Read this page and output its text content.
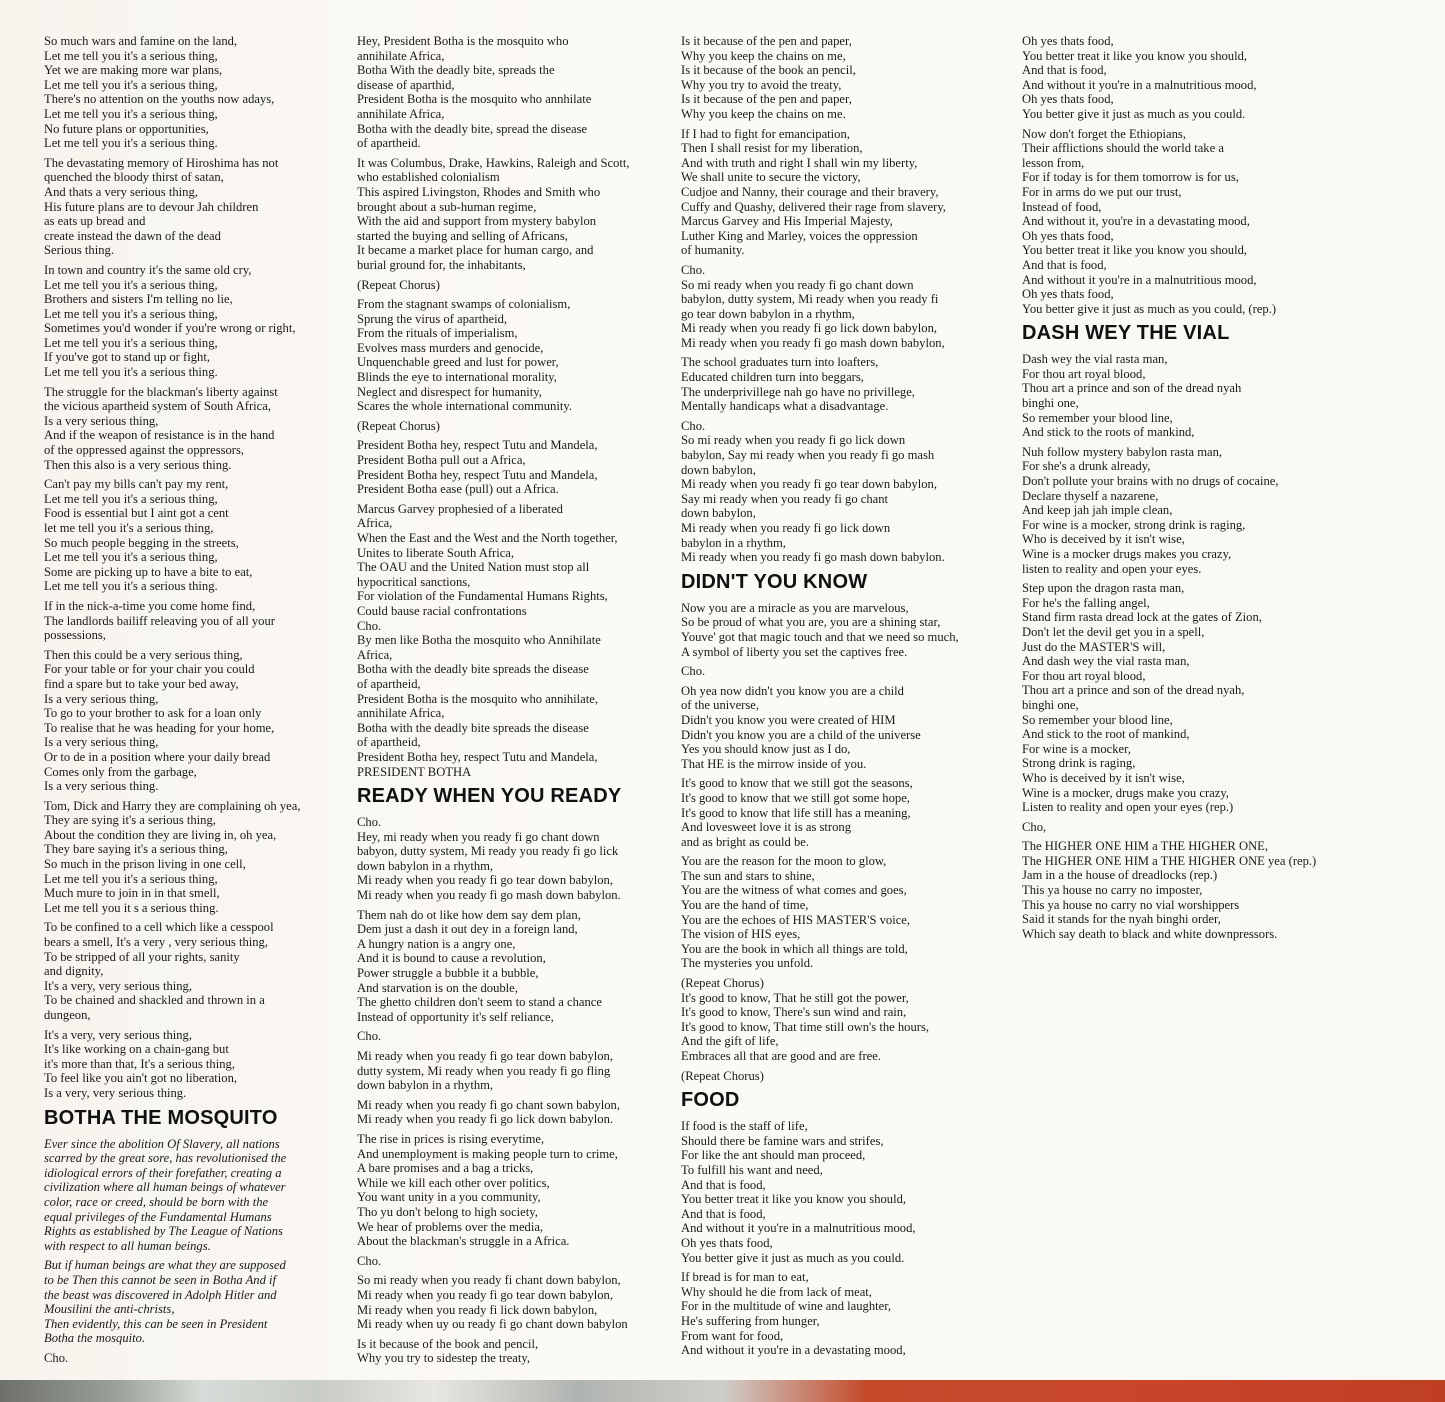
So much wars and famine on the land,
Let me tell you it's a serious thing,
Yet we are making more war plans,
Let me tell you it's a serious thing,
There's no attention on the youths now adays,
Let me tell you it's a serious thing,
No future plans or opportunities,
Let me tell you it's a serious thing.

The devastating memory of Hiroshima has not
quenched the bloody thirst of satan,
And thats a very serious thing,
His future plans are to devour Jah children
as eats up bread and
create instead the dawn of the dead
Serious thing.

In town and country it's the same old cry,
Let me tell you it's a serious thing,
Brothers and sisters I'm telling no lie,
Let me tell you it's a serious thing,
Sometimes you'd wonder if you're wrong or right,
Let me tell you it's a serious thing,
If you've got to stand up or fight,
Let me tell you it's a serious thing.

The struggle for the blackman's liberty against
the vicious apartheid system of South Africa,
Is a very serious thing,
And if the weapon of resistance is in the hand
of the oppressed against the oppressors,
Then this also is a very serious thing.

Can't pay my bills can't pay my rent,
Let me tell you it's a serious thing,
Food is essential but I aint got a cent
let me tell you it's a serious thing,
So much people begging in the streets,
Let me tell you it's a serious thing,
Some are picking up to have a bite to eat,
Let me tell you it's a serious thing.

If in the nick-a-time you come home find,
The landlords bailiff releaving you of all your
possessions,

Then this could be a very serious thing,
For your table or for your chair you could
find a spare but to take your bed away,
Is a very serious thing,
To go to your brother to ask for a loan only
To realise that he was heading for your home,
Is a very serious thing,
Or to de in a position where your daily bread
Comes only from the garbage,
Is a very serious thing.

Tom, Dick and Harry they are complaining oh yea,
They are sying it's a serious thing,
About the condition they are living in, oh yea,
They bare saying it's a serious thing,
So much in the prison living in one cell,
Let me tell you it's a serious thing,
Much mure to join in in that smell,
Let me tell you it s a serious thing.

To be confined to a cell which like a cesspool
bears a smell, It's a very , very serious thing,
To be stripped of all your rights, sanity
and dignity,
It's a very, very serious thing,
To be chained and shackled and thrown in a
dungeon,

It's a very, very serious thing,
It's like working on a chain-gang but
it's more than that, It's a serious thing,
To feel like you ain't got no liberation,
Is a very, very serious thing.

BOTHA THE MOSQUITO

Ever since the abolition Of Slavery, all nations
scarred by the great sore, has revolutionised the
idiological errors of their forefather, creating a
civilization where all human beings of whatever
color, race or creed, should be born with the
equal privileges of the Fundamental Humans
Rights as established by The League of Nations
with respect to all human beings.

But if human beings are what they are supposed
to be Then this cannot be seen in Botha And if
the beast was discovered in Adolph Hitler and
Mousilini the anti-christs,
Then evidently, this can be seen in President
Botha the mosquito.

Cho.

Hey, President Botha is the mosquito who
annihilate Africa,
Botha With the deadly bite, spreads the
disease of aparthid,
President Botha is the mosquito who annhilate
annihilate Africa,
Botha with the deadly bite, spread the disease
of apartheid.

It was Columbus, Drake, Hawkins, Raleigh and Scott,
who established colonialism
This aspired Livingston, Rhodes and Smith who
brought about a sub-human regime,
With the aid and support from mystery babylon
started the buying and selling of Africans,
It became a market place for human cargo, and
burial ground for, the inhabitants,

(Repeat Chorus)

From the stagnant swamps of colonialism,
Sprung the virus of apartheid,
From the rituals of imperialism,
Evolves mass murders and genocide,
Unquenchable greed and lust for power,
Blinds the eye to international morality,
Neglect and disrespect for humanity,
Scares the whole international community.

(Repeat Chorus)

President Botha hey, respect Tutu and Mandela,
President Botha pull out a Africa,
President Botha hey, respect Tutu and Mandela,
President Botha ease (pull) out a Africa.

Marcus Garvey prophesied of a liberated
Africa,
When the East and the West and the North together,
Unites to liberate South Africa,
The OAU and the United Nation must stop all
hypocritical sanctions,
For violation of the Fundamental Humans Rights,
Could bause racial confrontations
Cho.
By men like Botha the mosquito who Annihilate
Africa,
Botha with the deadly bite spreads the disease
of apartheid,
President Botha is the mosquito who annihilate,
annihilate Africa,
Botha with the deadly bite spreads the disease
of apartheid,
President Botha hey, respect Tutu and Mandela,
PRESIDENT BOTHA

READY WHEN YOU READY

Cho.
Hey, mi ready when you ready fi go chant down
babyon, dutty system, Mi ready you ready fi go lick
down babylon in a rhythm,
Mi ready when you ready fi go tear down babylon,
Mi ready when you ready fi go mash down babylon.

Them nah do ot like how dem say dem plan,
Dem just a dash it out dey in a foreign land,
A hungry nation is a angry one,
And it is bound to cause a revolution,
Power struggle a bubble it a bubble,
And starvation is on the double,
The ghetto children don't seem to stand a chance
Instead of opportunity it's self reliance,

Cho.

Mi ready when you ready fi go tear down babylon,
dutty system, Mi ready when you ready fi go fling
down babylon in a rhythm,

Mi ready when you ready fi go chant sown babylon,
Mi ready when you ready fi go lick down babylon.

The rise in prices is rising everytime,
And unemployment is making people turn to crime,
A bare promises and a bag a tricks,
While we kill each other over politics,
You want unity in a you community,
Tho yu don't belong to high society,
We hear of problems over the media,
About the blackman's struggle in a Africa.

Cho.

So mi ready when you ready fi chant down babylon,
Mi ready when you ready fi go tear down babylon,
Mi ready when you ready fi lick down babylon,
Mi ready when uy ou ready fi go chant down babylon

Is it because of the book and pencil,
Why you try to sidestep the treaty,

Is it because of the pen and paper,
Why you keep the chains on me,
Is it because of the book an pencil,
Why you try to avoid the treaty,
Is it because of the pen and paper,
Why you keep the chains on me.

If I had to fight for emancipation,
Then I shall resist for my liberation,
And with truth and right I shall win my liberty,
We shall unite to secure the victory,
Cudjoe and Nanny, their courage and their bravery,
Cuffy and Quashy, delivered their rage from slavery,
Marcus Garvey and His Imperial Majesty,
Luther King and Marley, voices the oppression
of humanity.

Cho.
So mi ready when you ready fi go chant down
babylon, dutty system, Mi ready when you ready fi
go tear down babylon in a rhythm,
Mi ready when you ready fi go lick down babylon,
Mi ready when you ready fi go mash down babylon,

The school graduates turn into loafters,
Educated children turn into beggars,
The underprivillege nah go have no privillege,
Mentally handicaps what a disadvantage.

Cho.
So mi ready when you ready fi go lick down
babylon, Say mi ready when you ready fi go mash
down babylon,
Mi ready when you ready fi go tear down babylon,
Say mi ready when you ready fi go chant
down babylon,
Mi ready when you ready fi go lick down
babylon in a rhythm,
Mi ready when you ready fi go mash down babylon.

DIDN'T YOU KNOW

Now you are a miracle as you are marvelous,
So be proud of what you are, you are a shining star,
Youve' got that magic touch and that we need so much,
A symbol of liberty you set the captives free.

Cho.

Oh yea now didn't you know you are a child
of the universe,
Didn't you know you were created of HIM
Didn't you know you are a child of the universe
Yes you should know just as I do,
That HE is the mirrow inside of you.

It's good to know that we still got the seasons,
It's good to know that we still got some hope,
It's good to know that life still has a meaning,
And lovesweet love it is as strong
and as bright as could be.

You are the reason for the moon to glow,
The sun and stars to shine,
You are the witness of what comes and goes,
You are the hand of time,
You are the echoes of HIS MASTER'S voice,
The vision of HIS eyes,
You are the book in which all things are told,
The mysteries you unfold.

(Repeat Chorus)
It's good to know, That he still got the power,
It's good to know, There's sun wind and rain,
It's good to know, That time still own's the hours,
And the gift of life,
Embraces all that are good and are free.

(Repeat Chorus)

FOOD

If food is the staff of life,
Should there be famine wars and strifes,
For like the ant should man proceed,
To fulfill his want and need,
And that is food,
You better treat it like you know you should,
And that is food,
And without it you're in a malnutritious mood,
Oh yes thats food,
You better give it just as much as you could.

If bread is for man to eat,
Why should he die from lack of meat,
For in the multitude of wine and laughter,
He's suffering from hunger,
From want for food,
And without it you're in a devastating mood,

Oh yes thats food,
You better treat it like you know you should,
And that is food,
And without it you're in a malnutritious mood,
Oh yes thats food,
You better give it just as much as you could.

Now don't forget the Ethiopians,
Their afflictions should the world take a
lesson from,
For if today is for them tomorrow is for us,
For in arms do we put our trust,
Instead of food,
And without it, you're in a devastating mood,
Oh yes thats food,
You better treat it like you know you should,
And that is food,
And without it you're in a malnutritious mood,
Oh yes thats food,
You better give it just as much as you could, (rep.)

DASH WEY THE VIAL

Dash wey the vial rasta man,
For thou art royal blood,
Thou art a prince and son of the dread nyah
binghi one,
So remember your blood line,
And stick to the roots of mankind,

Nuh follow mystery babylon rasta man,
For she's a drunk already,
Don't pollute your brains with no drugs of cocaine,
Declare thyself a nazarene,
And keep jah jah imple clean,
For wine is a mocker, strong drink is raging,
Who is deceived by it isn't wise,
Wine is a mocker drugs makes you crazy,
listen to reality and open your eyes.

Step upon the dragon rasta man,
For he's the falling angel,
Stand firm rasta dread lock at the gates of Zion,
Don't let the devil get you in a spell,
Just do the MASTER'S will,
And dash wey the vial rasta man,
For thou art royal blood,
Thou art a prince and son of the dread nyah,
binghi one,
So remember your blood line,
And stick to the root of mankind,
For wine is a mocker,
Strong drink is raging,
Who is deceived by it isn't wise,
Wine is a mocker, drugs make you crazy,
Listen to reality and open your eyes (rep.)

Cho,

The HIGHER ONE HIM a THE HIGHER ONE,
The HIGHER ONE HIM a THE HIGHER ONE yea (rep.)
Jam in a the house of dreadlocks (rep.)
This ya house no carry no imposter,
This ya house no carry no vial worshippers
Said it stands for the nyah binghi order,
Which say death to black and white downpressors.
